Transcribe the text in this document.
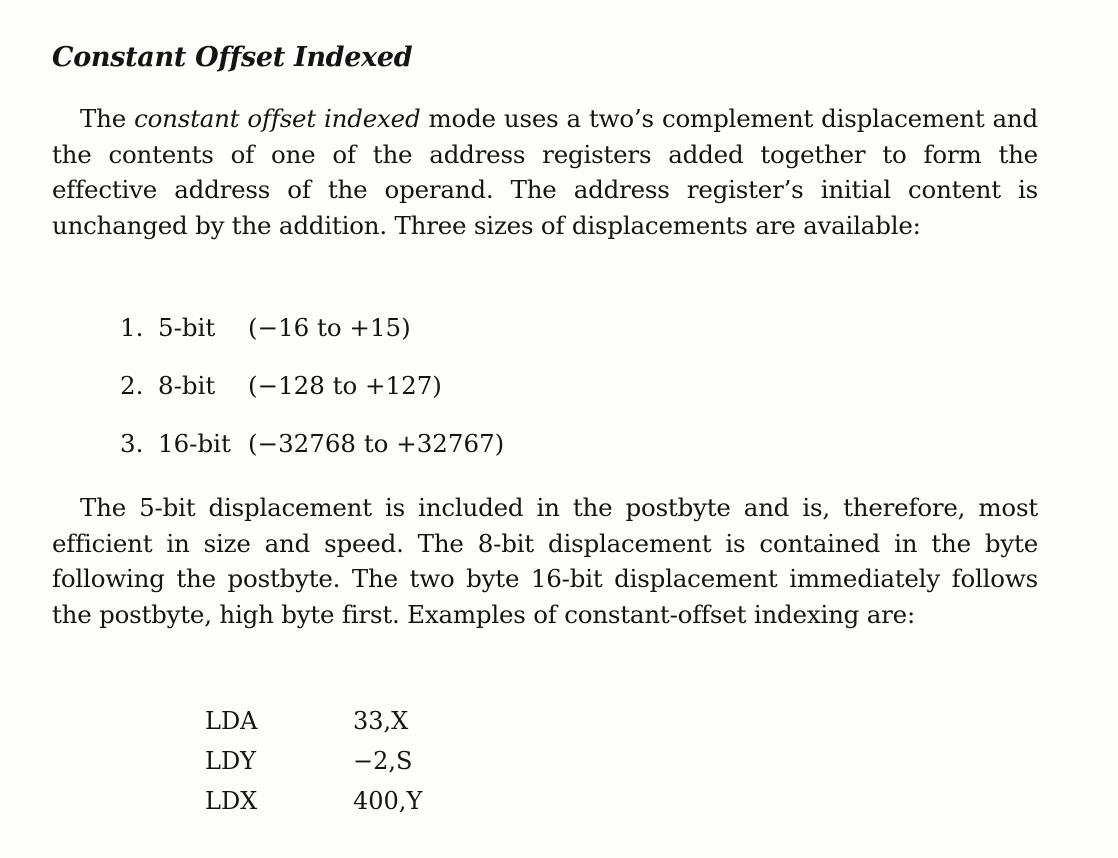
Constant Offset Indexed
The constant offset indexed mode uses a two’s complement displacement and the contents of one of the address registers added together to form the effective address of the operand. The address register’s initial content is unchanged by the addition. Three sizes of displacements are available:
1. 5-bit (−16 to +15)
2. 8-bit (−128 to +127)
3. 16-bit (−32768 to +32767)
The 5-bit displacement is included in the postbyte and is, therefore, most efficient in size and speed. The 8-bit displacement is contained in the byte following the postbyte. The two byte 16-bit displacement immediately follows the postbyte, high byte first. Examples of constant-offset indexing are:
LDA	33,X
LDY	−2,S
LDX	400,Y
